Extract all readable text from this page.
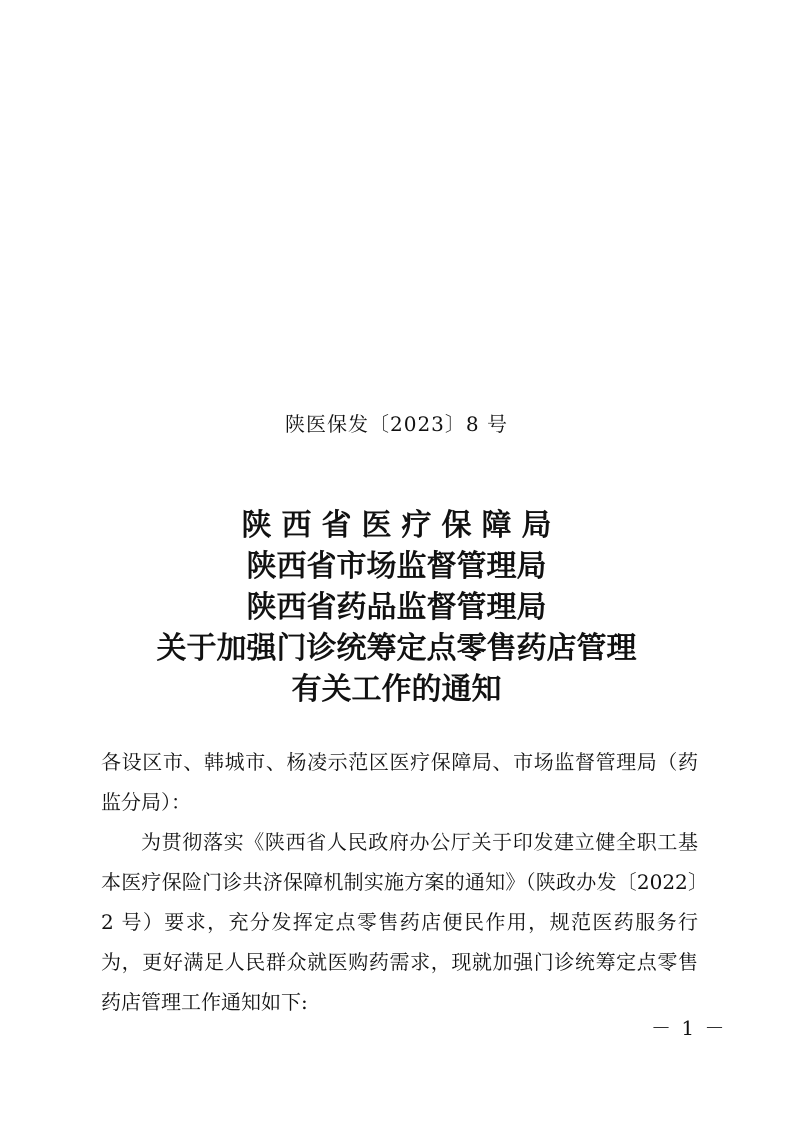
陕医保发〔2023〕8 号
陕西省医疗保障局
陕西省市场监督管理局
陕西省药品监督管理局
关于加强门诊统筹定点零售药店管理
有关工作的通知

各设区市、韩城市、杨凌示范区医疗保障局、市场监督管理局（药监分局）：

为贯彻落实《陕西省人民政府办公厅关于印发建立健全职工基本医疗保险门诊共济保障机制实施方案的通知》（陕政办发〔2022〕2 号）要求，充分发挥定点零售药店便民作用，规范医药服务行为，更好满足人民群众就医购药需求，现就加强门诊统筹定点零售药店管理工作通知如下:

－ 1 －
